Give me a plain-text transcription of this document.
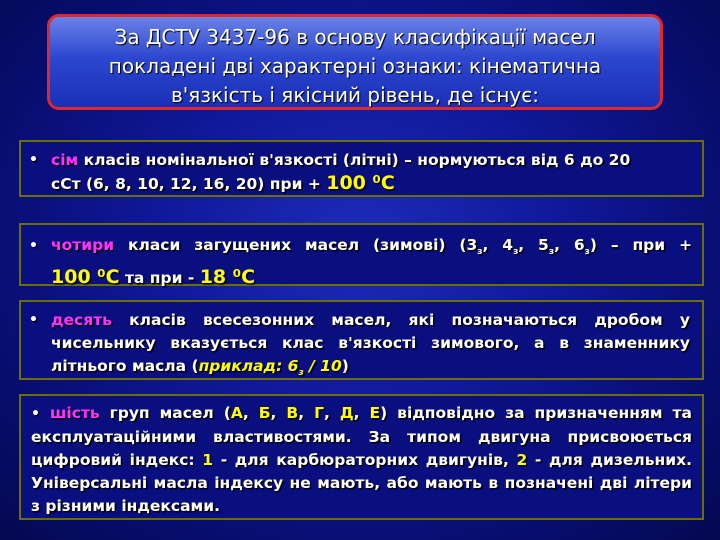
За ДСТУ 3437-96 в основу класифікації масел
покладені дві характерні ознаки: кінематична
в'язкість і якісний рівень, де існує:
• сім класів номінальної в'язкості (літні) – нормуються від 6 до 20
сСт (6, 8, 10, 12, 16, 20) при + 100 ⁰С
• чотири класи загущених масел (зимові) ($3_з$, $4_з$, $5_з$, $6_з$) – при +
100 ⁰С та при - 18 ⁰С
• десять класів всесезонних масел, які позначаються дробом у чисельнику вказується клас в'язкості зимового, а в знаменнику літнього масла (приклад: $6_з / 10$)
• шість груп масел (А, Б, В, Г, Д, Е) відповідно за призначенням та експлуатаційними властивостями. За типом двигуна присвоюється цифровий індекс: 1 - для карбюраторних двигунів, 2 - для дизельних. Універсальні масла індексу не мають, або мають в позначені дві літери з різними індексами.
